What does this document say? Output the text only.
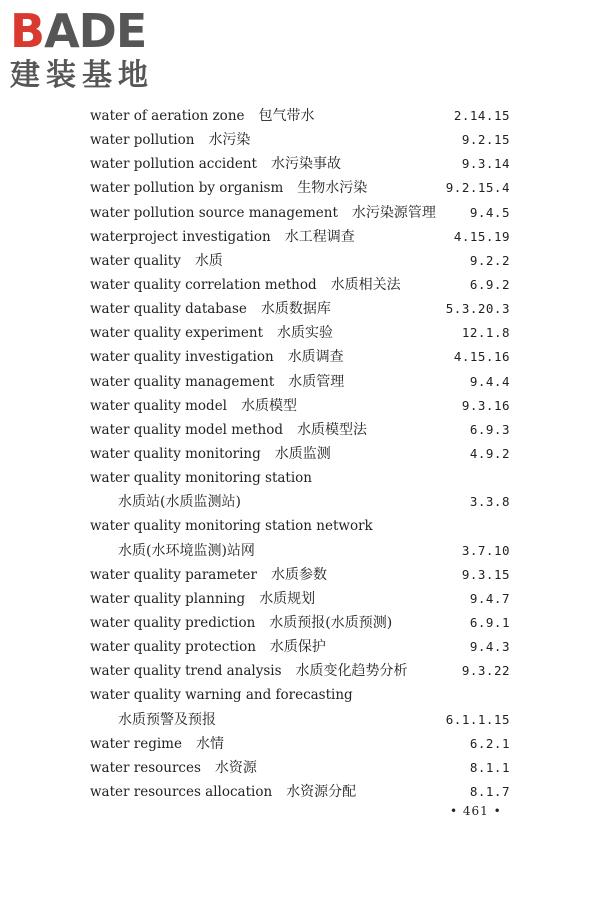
BADE
建装基地
water of aeration zone 包气带水	2.14.15
water pollution 水污染	9.2.15
water pollution accident 水污染事故	9.3.14
water pollution by organism 生物水污染	9.2.15.4
water pollution source management 水污染源管理	9.4.5
waterproject investigation 水工程调查	4.15.19
water quality 水质	9.2.2
water quality correlation method 水质相关法	6.9.2
water quality database 水质数据库	5.3.20.3
water quality experiment 水质实验	12.1.8
water quality investigation 水质调查	4.15.16
water quality management 水质管理	9.4.4
water quality model 水质模型	9.3.16
water quality model method 水质模型法	6.9.3
water quality monitoring 水质监测	4.9.2
water quality monitoring station
水质站(水质监测站)	3.3.8
water quality monitoring station network
水质(水环境监测)站网	3.7.10
water quality parameter 水质参数	9.3.15
water quality planning 水质规划	9.4.7
water quality prediction 水质预报(水质预测)	6.9.1
water quality protection 水质保护	9.4.3
water quality trend analysis 水质变化趋势分析	9.3.22
water quality warning and forecasting
水质预警及预报	6.1.1.15
water regime 水情	6.2.1
water resources 水资源	8.1.1
water resources allocation 水资源分配	8.1.7
• 461 •
